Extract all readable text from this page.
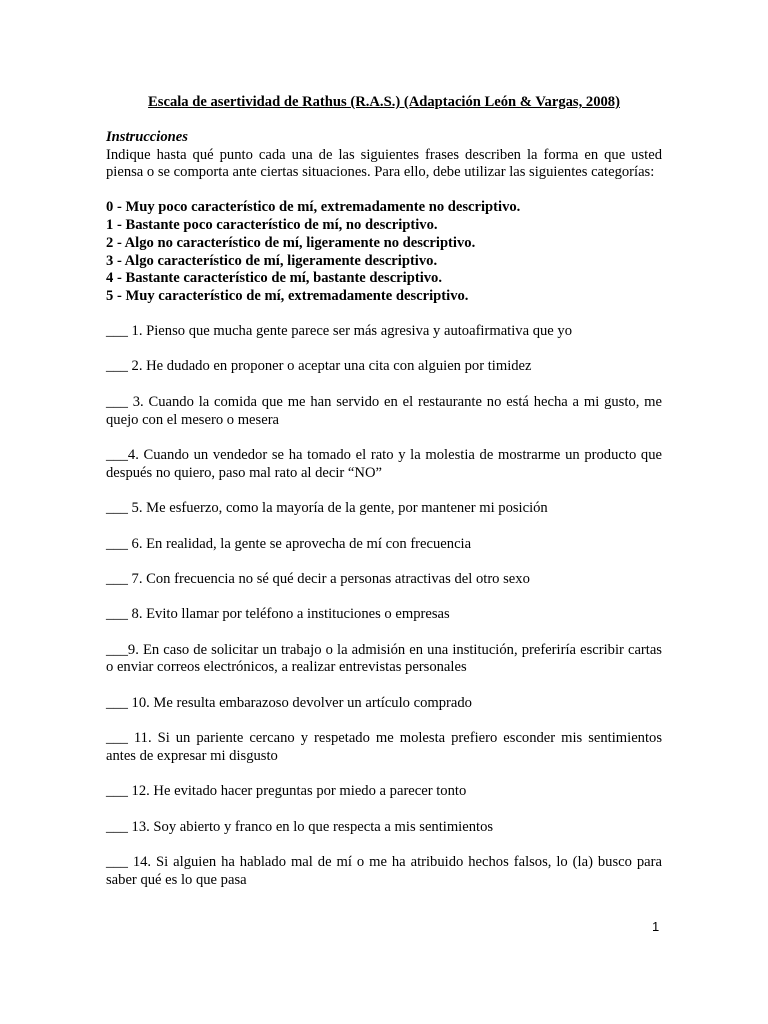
Escala de asertividad de Rathus (R.A.S.) (Adaptación León & Vargas, 2008)

Instrucciones

Indique hasta qué punto cada una de las siguientes frases describen la forma en que usted piensa o se comporta ante ciertas situaciones. Para ello, debe utilizar las siguientes categorías:

0 - Muy poco característico de mí, extremadamente no descriptivo.
1 - Bastante poco característico de mí, no descriptivo.
2 - Algo no característico de mí, ligeramente no descriptivo.
3 - Algo característico de mí, ligeramente descriptivo.
4 - Bastante característico de mí, bastante descriptivo.
5 - Muy característico de mí, extremadamente descriptivo.

___ 1. Pienso que mucha gente parece ser más agresiva y autoafirmativa que yo

___ 2. He dudado en proponer o aceptar una cita con alguien por timidez

___ 3. Cuando la comida que me han servido en el restaurante no está hecha a mi gusto, me quejo con el mesero o mesera

___4. Cuando un vendedor se ha tomado el rato y la molestia de mostrarme un producto que después no quiero, paso mal rato al decir “NO”

___ 5. Me esfuerzo, como la mayoría de la gente, por mantener mi posición

___ 6. En realidad, la gente se aprovecha de mí con frecuencia

___ 7. Con frecuencia no sé qué decir a personas atractivas del otro sexo

___ 8. Evito llamar por teléfono a instituciones o empresas

___9. En caso de solicitar un trabajo o la admisión en una institución, preferiría escribir cartas o enviar correos electrónicos, a realizar entrevistas personales

___ 10. Me resulta embarazoso devolver un artículo comprado

___ 11. Si un pariente cercano y respetado me molesta prefiero esconder mis sentimientos antes de expresar mi disgusto

___ 12. He evitado hacer preguntas por miedo a parecer tonto

___ 13. Soy abierto y franco en lo que respecta a mis sentimientos

___ 14. Si alguien ha hablado mal de mí o me ha atribuido hechos falsos, lo (la) busco para saber qué es lo que pasa

1
